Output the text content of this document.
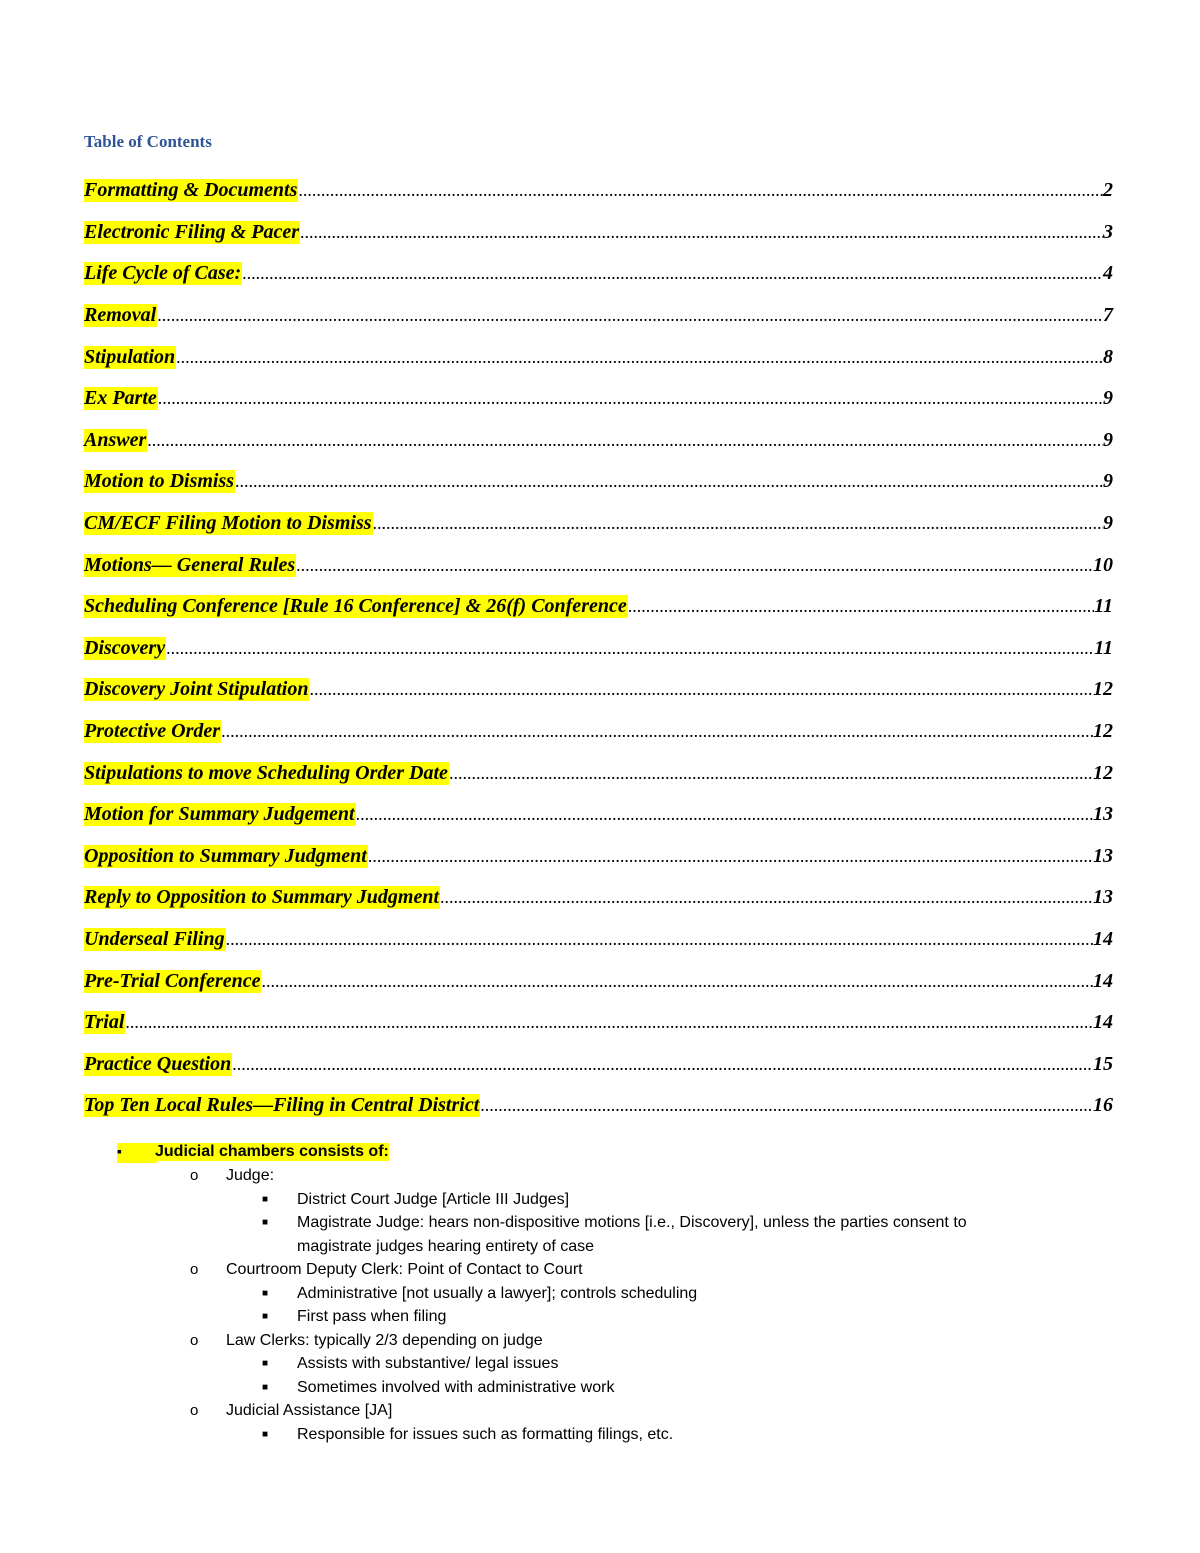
Table of Contents
Formatting & Documents .....	2
Electronic Filing & Pacer .....	3
Life Cycle of Case: .....	4
Removal .....	7
Stipulation .....	8
Ex Parte .....	9
Answer .....	9
Motion to Dismiss .....	9
CM/ECF Filing Motion to Dismiss .....	9
Motions— General Rules .....	10
Scheduling Conference [Rule 16 Conference] & 26(f) Conference .....	11
Discovery .....	11
Discovery Joint Stipulation .....	12
Protective Order .....	12
Stipulations to move Scheduling Order Date .....	12
Motion for Summary Judgement .....	13
Opposition to Summary Judgment .....	13
Reply to Opposition to Summary Judgment .....	13
Underseal Filing .....	14
Pre-Trial Conference .....	14
Trial .....	14
Practice Question .....	15
Top Ten Local Rules—Filing in Central District .....	16
▪ Judicial chambers consists of:
o Judge:
■ District Court Judge [Article III Judges]
■ Magistrate Judge: hears non-dispositive motions [i.e., Discovery], unless the parties consent to
magistrate judges hearing entirety of case
o Courtroom Deputy Clerk: Point of Contact to Court
■ Administrative [not usually a lawyer]; controls scheduling
■ First pass when filing
o Law Clerks: typically 2/3 depending on judge
■ Assists with substantive/ legal issues
■ Sometimes involved with administrative work
o Judicial Assistance [JA]
■ Responsible for issues such as formatting filings, etc.
